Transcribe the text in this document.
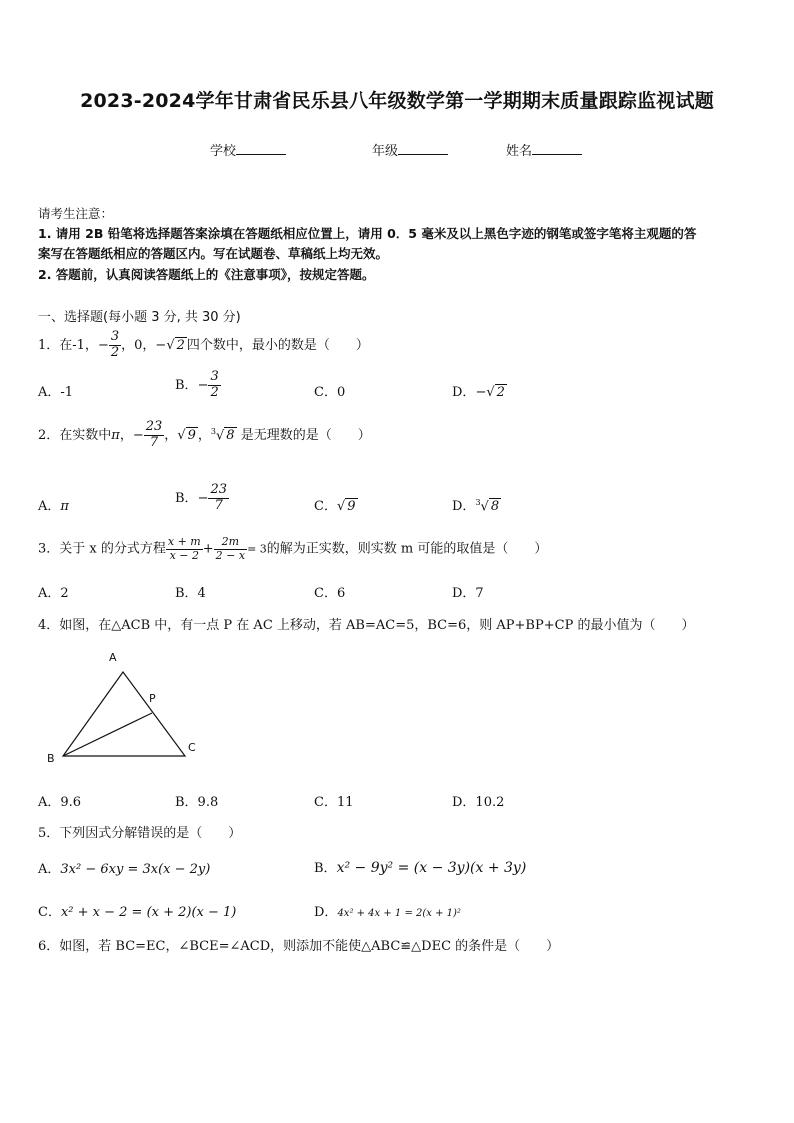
2023-2024学年甘肃省民乐县八年级数学第一学期期末质量跟踪监视试题
学校	年级	姓名
请考生注意：
1. 请用 2B 铅笔将选择题答案涂填在答题纸相应位置上，请用 0．5 毫米及以上黑色字迹的钢笔或签字笔将主观题的答
案写在答题纸相应的答题区内。写在试题卷、草稿纸上均无效。
2. 答题前，认真阅读答题纸上的《注意事项》，按规定答题。
一、选择题(每小题 3 分, 共 30 分)
1．在-1，− $\frac{3}{2}$ ，0，−√ 2 四个数中，最小的数是（　　）
A．-1	B．− $\frac{3}{2}$	C．0	D．−√ 2
2．在实数中π，− $\frac{23}{7}$ ，√ 9 ，$^3$√ 8 是无理数的是（　　）
A．π
B．− $\frac{23}{7}$	C．√ 9	D．$^3$√ 8
3．关于 x 的分式方程 $\frac{x + m}{x - 2} + \frac{2m}{2 - x} = 3$的解为正实数，则实数 m 可能的取值是（　　）
A．2	B．4	C．6	D．7
4．如图，在△ACB 中，有一点 P 在 AC 上移动，若 AB=AC=5，BC=6，则 AP+BP+CP 的最小值为（　　）
A
P
B
C
A．9.6	B．9.8	C．11	D．10.2
5．下列因式分解错误的是（　　）
A．3x² − 6xy = 3x(x − 2y)	B．x² − 9y² = (x − 3y)(x + 3y)
C．x² + x − 2 = (x + 2)(x − 1)	D．4x² + 4x + 1 = 2(x + 1)²
6．如图，若 BC=EC，∠BCE=∠ACD，则添加不能使△ABC≌△DEC 的条件是（　　）
